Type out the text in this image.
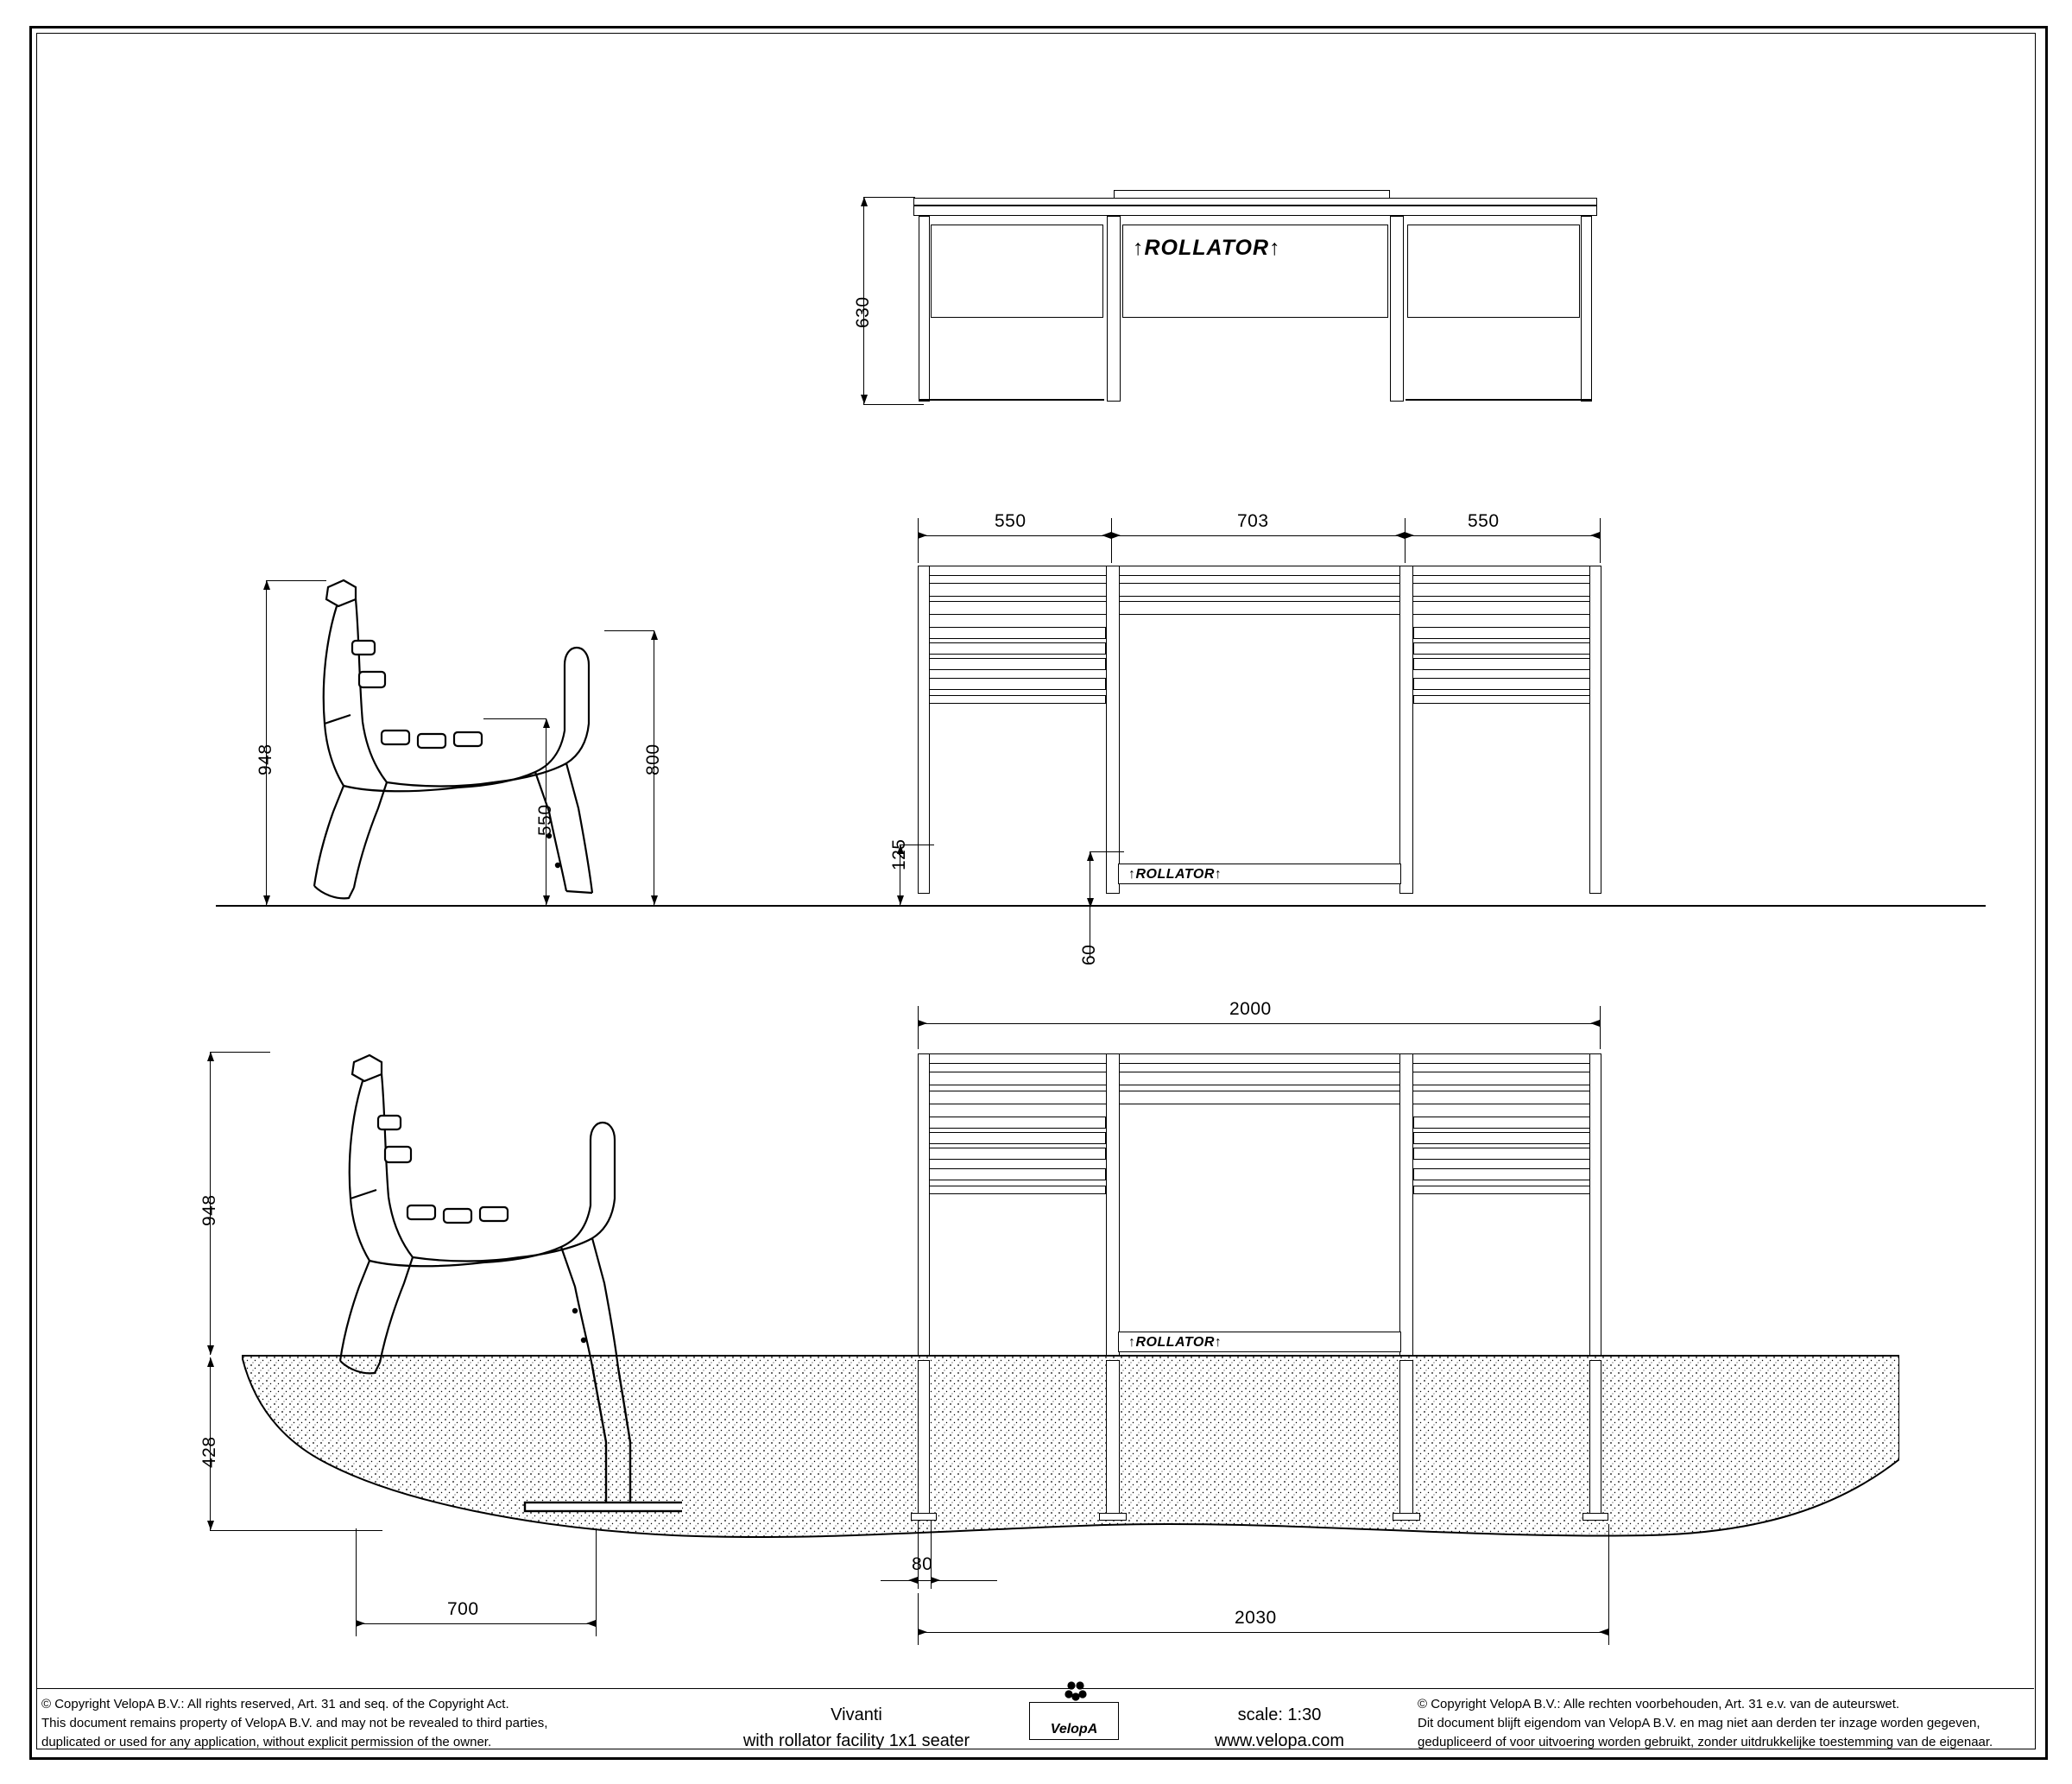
↑ROLLATOR↑
630
948	800
550
↑ROLLATOR↑
550	703	550
125
60
↑ROLLATOR↑
2000
948
428
700
80
2030
© Copyright VelopA B.V.: All rights reserved, Art. 31 and seq. of the Copyright Act.
This document remains property of VelopA B.V. and may not be revealed to third parties,
duplicated or used for any application, without explicit permission of the owner.
Vivanti
with rollator facility 1x1 seater
VelopA
scale: 1:30
www.velopa.com
© Copyright VelopA B.V.: Alle rechten voorbehouden, Art. 31 e.v. van de auteurswet.
Dit document blijft eigendom van VelopA B.V. en mag niet aan derden ter inzage worden gegeven,
gedupliceerd of voor uitvoering worden gebruikt, zonder uitdrukkelijke toestemming van de eigenaar.
